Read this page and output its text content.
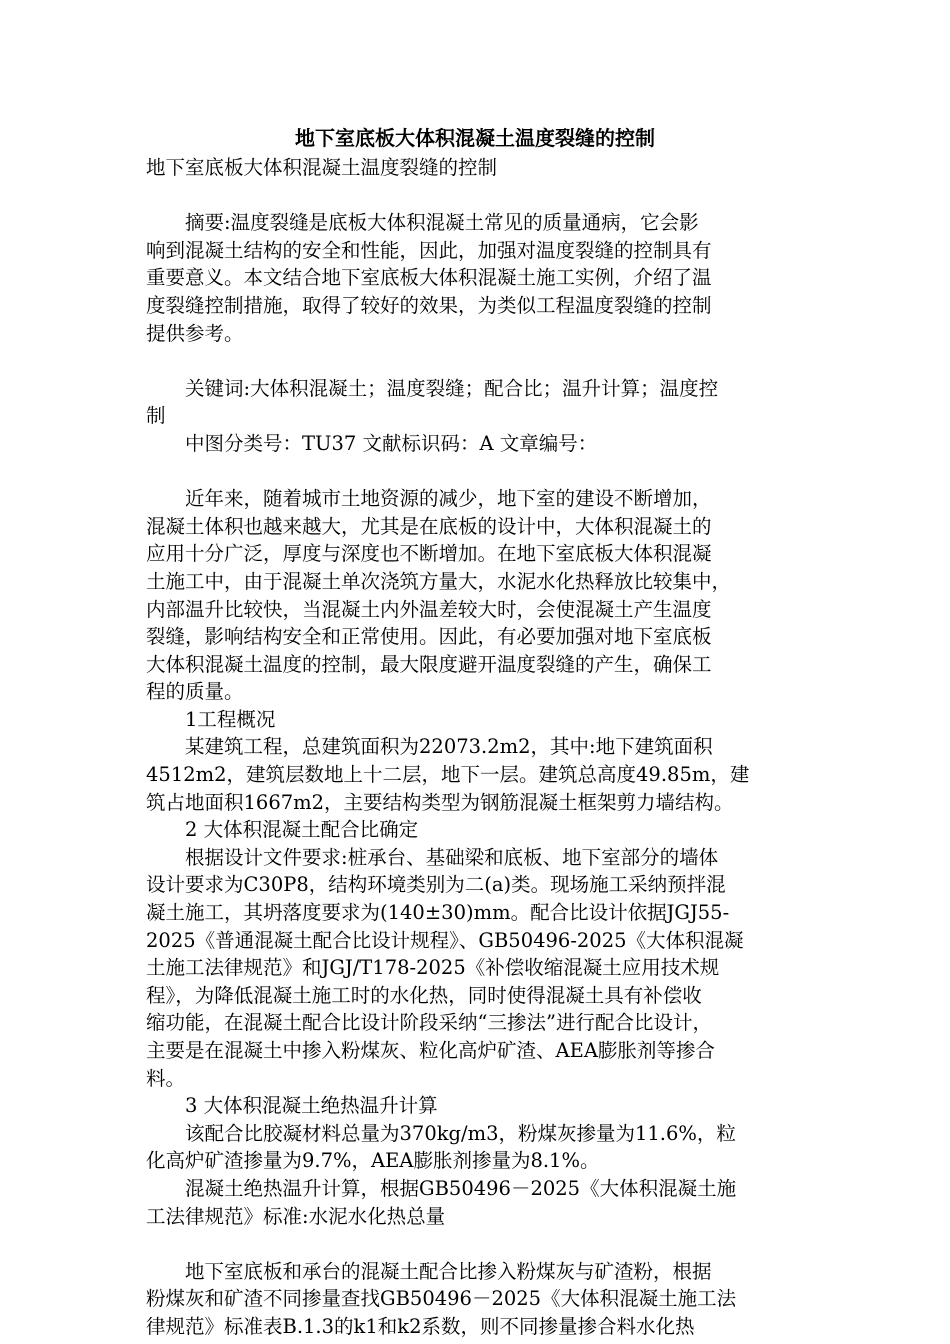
地下室底板大体积混凝土温度裂缝的控制
地下室底板大体积混凝土温度裂缝的控制
　　摘要:温度裂缝是底板大体积混凝土常见的质量通病，它会影
响到混凝土结构的安全和性能，因此，加强对温度裂缝的控制具有
重要意义。本文结合地下室底板大体积混凝土施工实例，介绍了温
度裂缝控制措施，取得了较好的效果，为类似工程温度裂缝的控制
提供参考。
　　关键词:大体积混凝土；温度裂缝；配合比；温升计算；温度控
制
　　中图分类号：TU37 文献标识码：A 文章编号：
　　近年来，随着城市土地资源的减少，地下室的建设不断增加，
混凝土体积也越来越大，尤其是在底板的设计中，大体积混凝土的
应用十分广泛，厚度与深度也不断增加。在地下室底板大体积混凝
土施工中，由于混凝土单次浇筑方量大，水泥水化热释放比较集中，
内部温升比较快，当混凝土内外温差较大时，会使混凝土产生温度
裂缝，影响结构安全和正常使用。因此，有必要加强对地下室底板
大体积混凝土温度的控制，最大限度避开温度裂缝的产生，确保工
程的质量。
　　1工程概况
　　某建筑工程，总建筑面积为22073.2m2，其中:地下建筑面积
4512m2，建筑层数地上十二层，地下一层。建筑总高度49.85m，建
筑占地面积1667m2，主要结构类型为钢筋混凝土框架剪力墙结构。
　　2 大体积混凝土配合比确定
　　根据设计文件要求:桩承台、基础梁和底板、地下室部分的墙体
设计要求为C30P8，结构环境类别为二(a)类。现场施工采纳预拌混
凝土施工，其坍落度要求为(140±30)mm。配合比设计依据JGJ55-
2025《普通混凝土配合比设计规程》、GB50496-2025《大体积混凝
土施工法律规范》和JGJ/T178-2025《补偿收缩混凝土应用技术规
程》，为降低混凝土施工时的水化热，同时使得混凝土具有补偿收
缩功能，在混凝土配合比设计阶段采纳“三掺法”进行配合比设计，
主要是在混凝土中掺入粉煤灰、粒化高炉矿渣、AEA膨胀剂等掺合
料。
　　3 大体积混凝土绝热温升计算
　　该配合比胶凝材料总量为370kg/m3，粉煤灰掺量为11.6%，粒
化高炉矿渣掺量为9.7%，AEA膨胀剂掺量为8.1%。
　　混凝土绝热温升计算，根据GB50496－2025《大体积混凝土施
工法律规范》标准:水泥水化热总量
　　地下室底板和承台的混凝土配合比掺入粉煤灰与矿渣粉，根据
粉煤灰和矿渣不同掺量查找GB50496－2025《大体积混凝土施工法
律规范》标准表B.1.3的k1和k2系数，则不同掺量掺合料水化热
